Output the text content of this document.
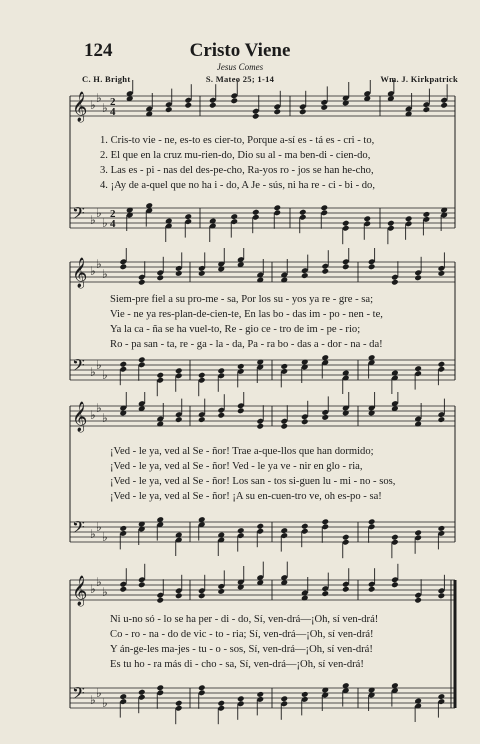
124	Cristo Viene
Jesus Comes
C. H. Bright	S. Mateo 25; 1-14	Wm. J. Kirkpatrick
𝄞
𝄢
♭
♭
♭
♭
♭
♭
2
4
2
4
1. Cris-to vie - ne, es-to es cier-to, Porque a-sí es - tá es - cri - to,
2. El que en la cruz mu-rien-do, Dio su al - ma ben-di - cien-do,
3. Las es - pi - nas del des-pe-cho, Ra-yos ro - jos se han he-cho,
4. ¡Ay de a-quel que no ha i - do, A Je - sús, ni ha re - ci - bi - do,
𝄞
𝄢
♭
♭
♭
♭
♭
♭
Siem-pre fiel a su pro-me - sa, Por los su - yos ya re - gre - sa;
Vie - ne ya res-plan-de-cien-te, En las bo - das im - po - nen - te,
Ya la ca - ña se ha vuel-to, Re - gio ce - tro de im - pe - rio;
Ro - pa san - ta, re - ga - la - da, Pa - ra bo - das a - dor - na - da!
𝄞
𝄢
♭
♭
♭
♭
♭
♭
¡Ved - le ya, ved al Se - ñor! Trae a-que-llos que han dormido;
¡Ved - le ya, ved al Se - ñor! Ved - le ya ve - nir en glo - ria,
¡Ved - le ya, ved al Se - ñor! Los san - tos si-guen lu - mi - no - sos,
¡Ved - le ya, ved al Se - ñor! ¡A su en-cuen-tro ve, oh es-po - sa!
𝄞
𝄢
♭
♭
♭
♭
♭
♭
Ni u-no só - lo se ha per - di - do, Sí, ven-drá—¡Oh, sí ven-drá!
Co - ro - na - do de vic - to - ria; Sí, ven-drá—¡Oh, sí ven-drá!
Y án-ge-les ma-jes - tu - o - sos, Sí, ven-drá—¡Oh, sí ven-drá!
Es tu ho - ra más di - cho - sa, Sí, ven-drá—¡Oh, sí ven-drá!
